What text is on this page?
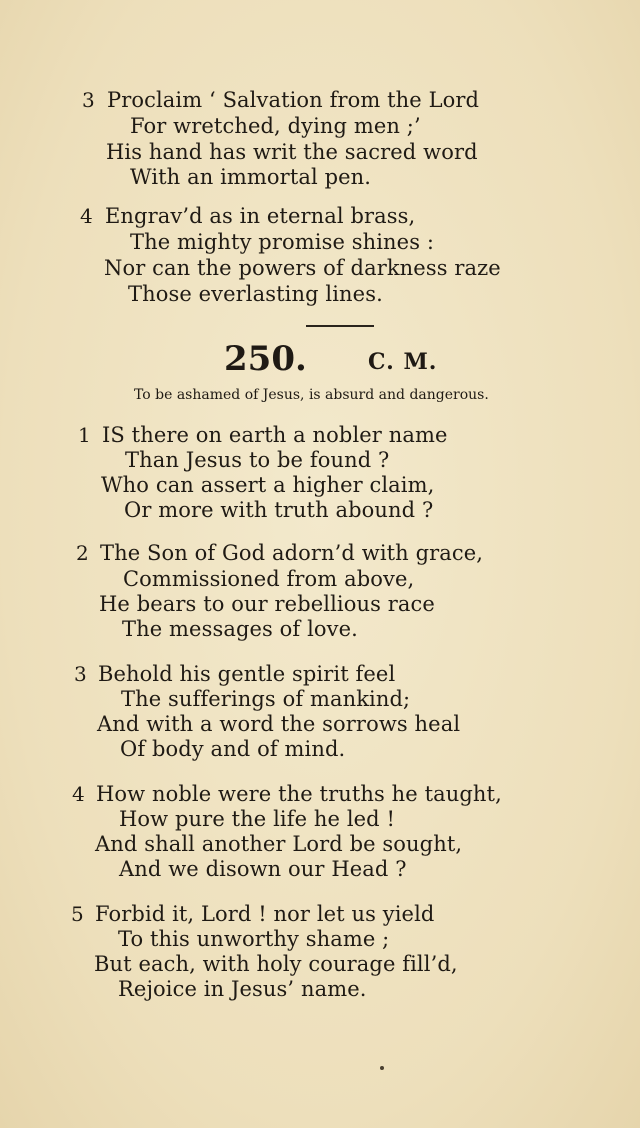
3 Proclaim ‘ Salvation from the Lord
For wretched, dying men ;’
His hand has writ the sacred word
With an immortal pen.
4 Engrav’d as in eternal brass,
The mighty promise shines :
Nor can the powers of darkness raze
Those everlasting lines.
250.	C. M.
To be ashamed of Jesus, is absurd and dangerous.
1 IS there on earth a nobler name
Than Jesus to be found ?
Who can assert a higher claim,
Or more with truth abound ?
2 The Son of God adorn’d with grace,
Commissioned from above,
He bears to our rebellious race
The messages of love.
3 Behold his gentle spirit feel
The sufferings of mankind;
And with a word the sorrows heal
Of body and of mind.
4 How noble were the truths he taught,
How pure the life he led !
And shall another Lord be sought,
And we disown our Head ?
5 Forbid it, Lord ! nor let us yield
To this unworthy shame ;
But each, with holy courage fill’d,
Rejoice in Jesus’ name.
